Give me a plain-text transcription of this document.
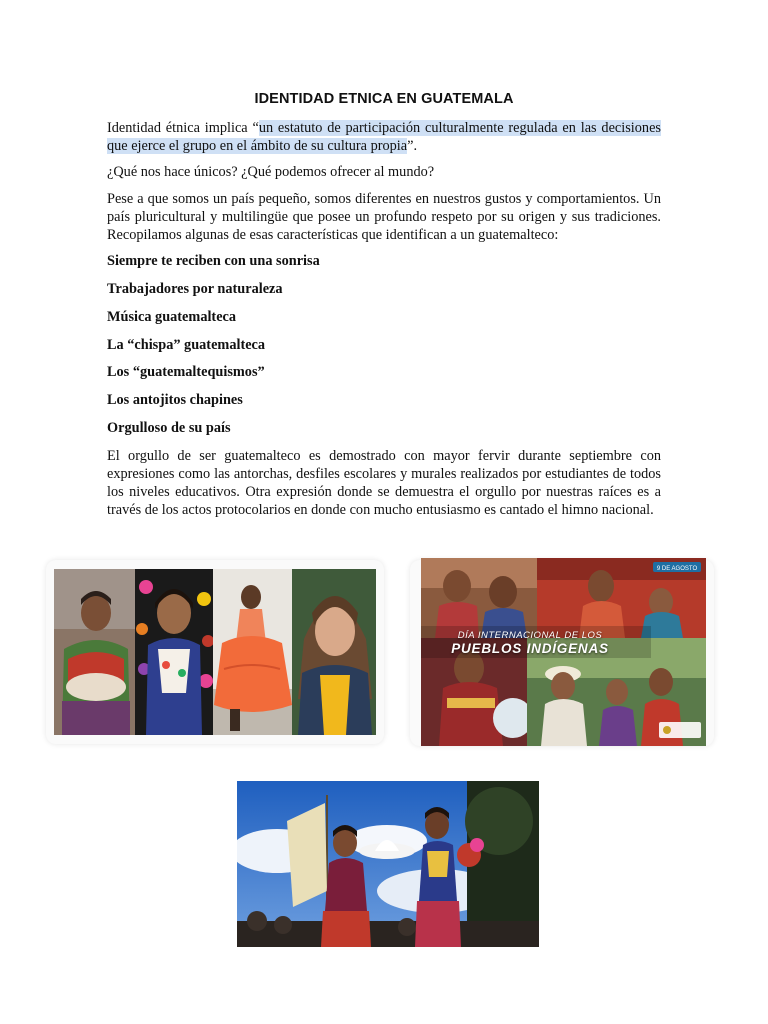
IDENTIDAD ETNICA EN GUATEMALA

Identidad étnica implica “un estatuto de participación culturalmente regulada en las decisiones que ejerce el grupo en el ámbito de su cultura propia”.

¿Qué nos hace únicos? ¿Qué podemos ofrecer al mundo?

Pese a que somos un país pequeño, somos diferentes en nuestros gustos y comportamientos. Un país pluricultural y multilingüe que posee un profundo respeto por su origen y sus tradiciones. Recopilamos algunas de esas características que identifican a un guatemalteco:

Siempre te reciben con una sonrisa

Trabajadores por naturaleza

Música guatemalteca

La “chispa” guatemalteca

Los “guatemaltequismos”

Los antojitos chapines

Orgulloso de su país

El orgullo de ser guatemalteco es demostrado con mayor fervir durante septiembre con expresiones como las antorchas, desfiles escolares y murales realizados por estudiantes de todos los niveles educativos. Otra expresión donde se demuestra el orgullo por nuestras raíces es a través de los actos protocolarios en donde con mucho entusiasmo es cantado el himno nacional.

9 DE AGOSTO
DÍA INTERNACIONAL DE LOS
PUEBLOS INDÍGENAS
